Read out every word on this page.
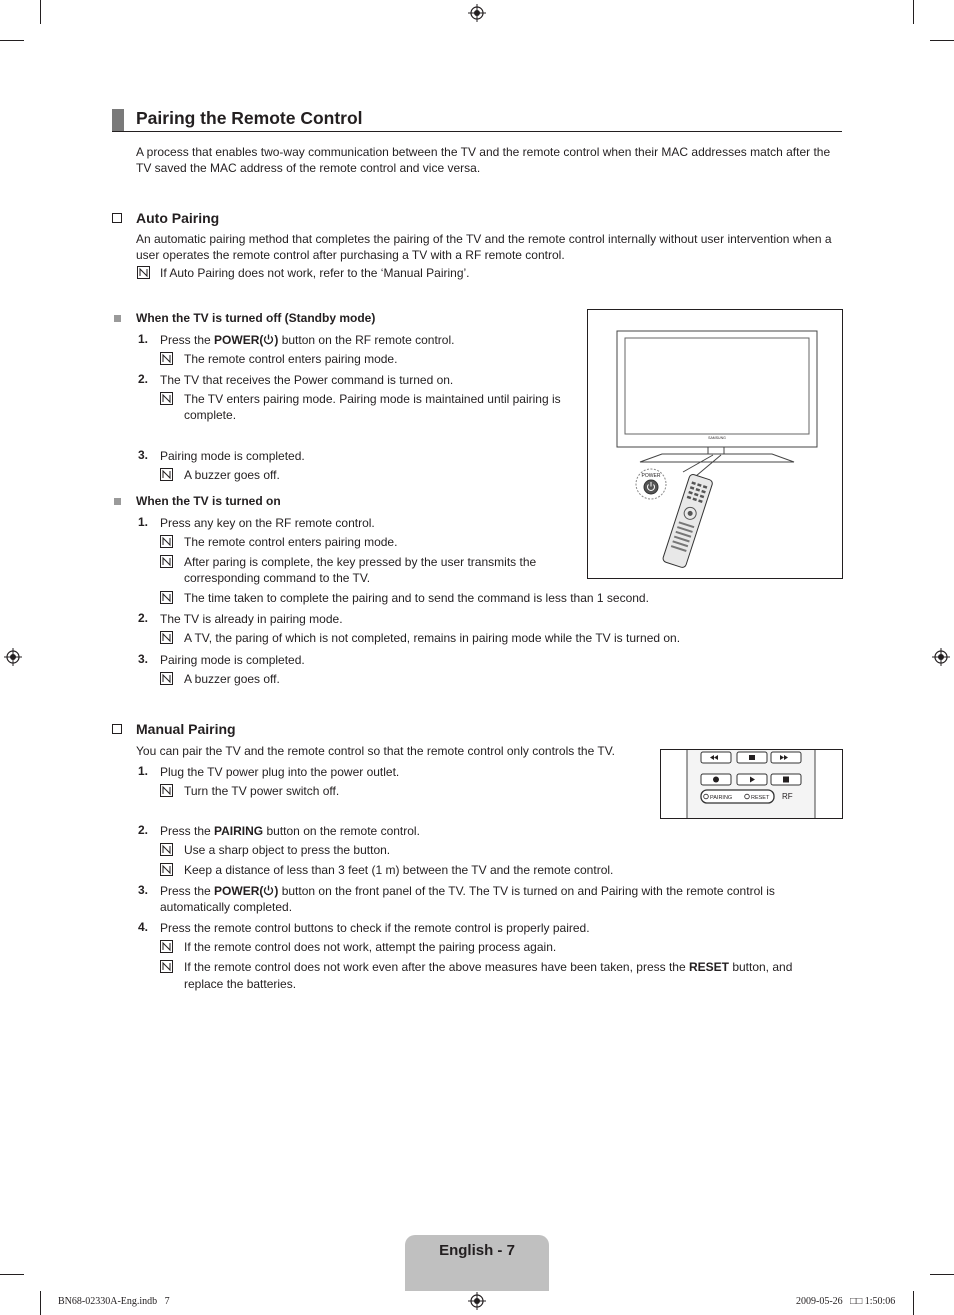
Pairing the Remote Control
A process that enables two-way communication between the TV and the remote control when their MAC addresses match after the TV saved the MAC address of the remote control and vice versa.
Auto Pairing
An automatic pairing method that completes the pairing of the TV and the remote control internally without user intervention when a user operates the remote control after purchasing a TV with a RF remote control.
If Auto Pairing does not work, refer to the ‘Manual Pairing’.
When the TV is turned off (Standby mode)
1. Press the POWER( ) button on the RF remote control.
The remote control enters pairing mode.
2. The TV that receives the Power command is turned on.
The TV enters pairing mode. Pairing mode is maintained until pairing is complete.
3. Pairing mode is completed.
A buzzer goes off.
SAMSUNG
POWER
When the TV is turned on
1. Press any key on the RF remote control.
The remote control enters pairing mode.
After paring is complete, the key pressed by the user transmits the corresponding command to the TV.
The time taken to complete the pairing and to send the command is less than 1 second.
2. The TV is already in pairing mode.
A TV, the paring of which is not completed, remains in pairing mode while the TV is turned on.
3. Pairing mode is completed.
A buzzer goes off.
Manual Pairing
You can pair the TV and the remote control so that the remote control only controls the TV.
PAIRING	RESET RF
1. Plug the TV power plug into the power outlet.
Turn the TV power switch off.
2. Press the PAIRING button on the remote control.
Use a sharp object to press the button.
Keep a distance of less than 3 feet (1 m) between the TV and the remote control.
3. Press the POWER( ) button on the front panel of the TV. The TV is turned on and Pairing with the remote control is
automatically completed.
4. Press the remote control buttons to check if the remote control is properly paired.
If the remote control does not work, attempt the pairing process again.
If the remote control does not work even after the above measures have been taken, press the RESET button, and
replace the batteries.
English - 7
BN68-02330A-Eng.indb   7	2009-05-26   □□ 1:50:06
